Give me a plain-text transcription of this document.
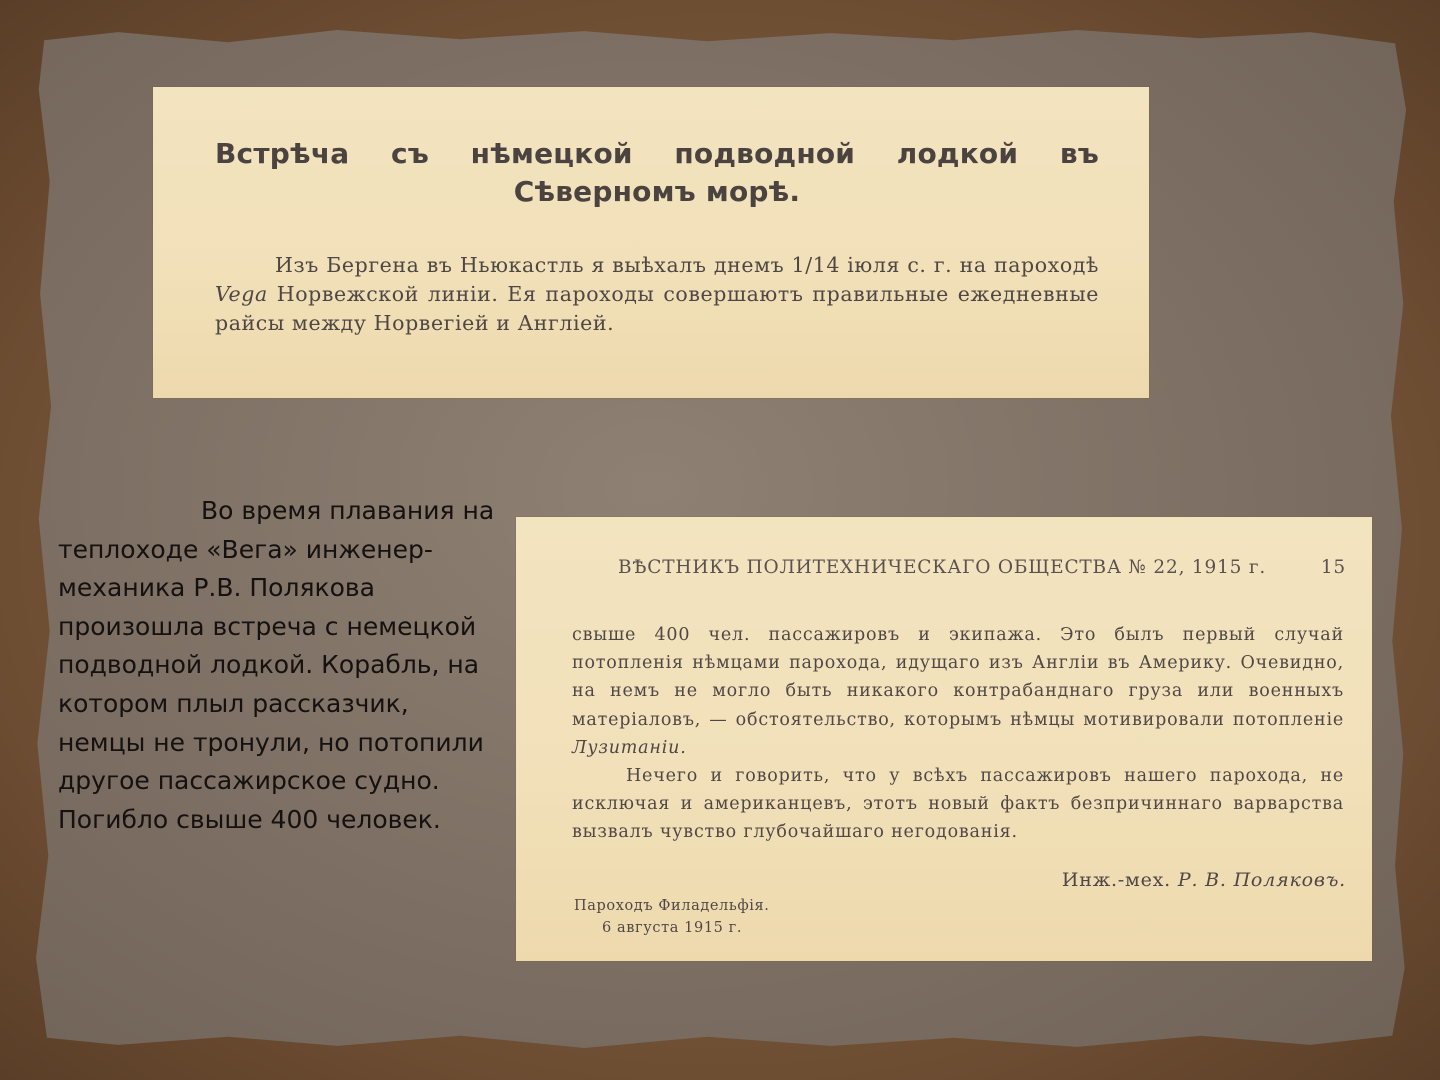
Встрѣча съ нѣмецкой подводной лодкой въ Сѣверномъ морѣ.
Изъ Бергена въ Ньюкастль я выѣхалъ днемъ 1/14 іюля с. г. на пароходѣ Vega Норвежской линіи. Ея пароходы совершаютъ правильные ежедневные райсы между Норвегіей и Англіей.
Во время плавания на теплоходе «Вега» инженер-механика Р.В. Полякова произошла встреча с немецкой подводной лодкой. Корабль, на котором плыл рассказчик, немцы не тронули, но потопили другое пассажирское судно. Погибло свыше 400 человек.
ВѢСТНИКЪ ПОЛИТЕХНИЧЕСКАГО ОБЩЕСТВА № 22, 1915 г.	15
свыше 400 чел. пассажировъ и экипажа. Это былъ первый случай потопленія нѣмцами парохода, идущаго изъ Англіи въ Америку. Очевидно, на немъ не могло быть никакого контрабанднаго груза или военныхъ матеріаловъ, — обстоятельство, которымъ нѣмцы мотивировали потопленіе Лузитаніи.
Нечего и говорить, что у всѣхъ пассажировъ нашего парохода, не исключая и американцевъ, этотъ новый фактъ безпричиннаго варварства вызвалъ чувство глубочайшаго негодованія.
Инж.-мех. Р. В. Поляковъ.
Пароходъ Филадельфія.
6 августа 1915 г.
